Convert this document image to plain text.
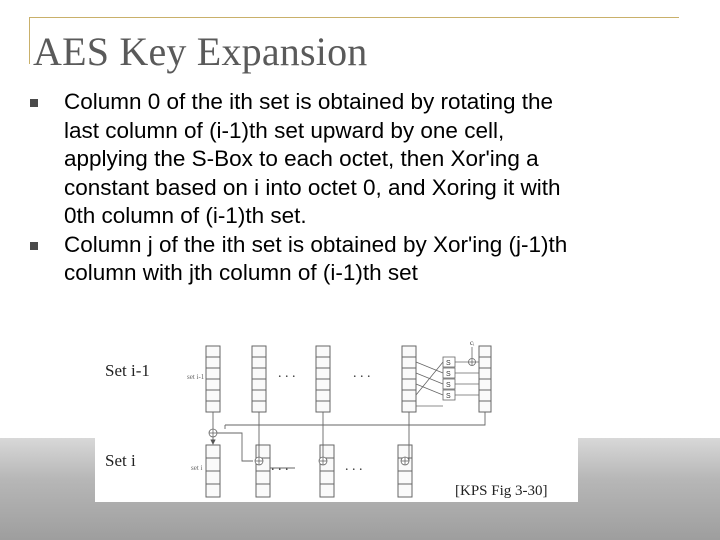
AES Key Expansion
Column 0 of the ith set is obtained by rotating the
last column of (i-1)th set upward by one cell,
applying the S-Box to each octet, then Xor'ing a
constant based on i into octet 0, and Xoring it with
0th column of (i-1)th set.
Column j of the ith set is obtained by Xor'ing (j-1)th
column with jth column of (i-1)th set
Set i-1
Set i
set i-1
set i
. . .	. . .
. . .	. . .
S
S
S
S
cᵢ
[KPS Fig 3-30]
